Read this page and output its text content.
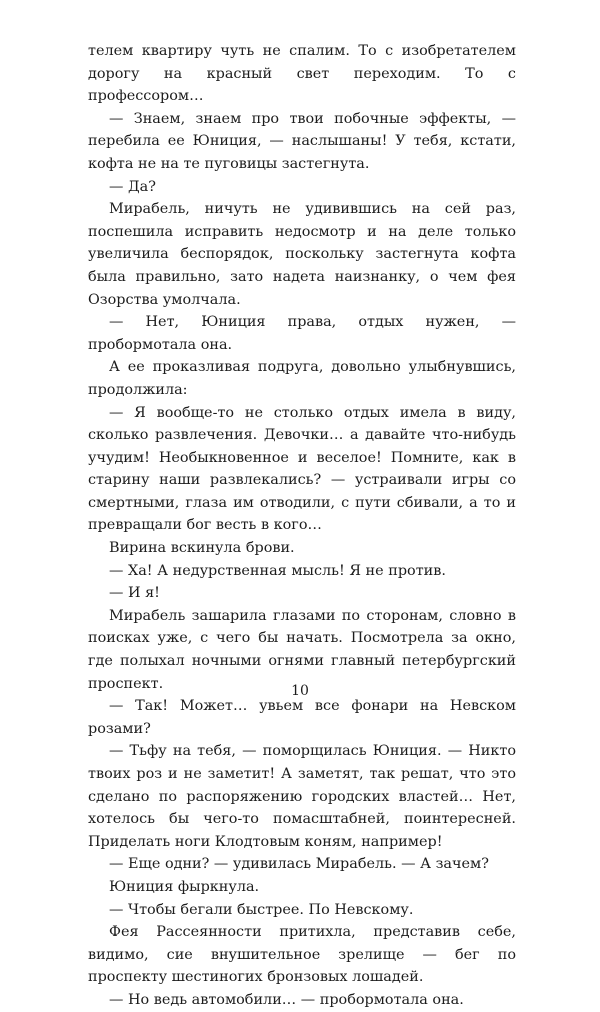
телем квартиру чуть не спалим. То с изобретателем дорогу на красный свет переходим. То с профессором…

— Знаем, знаем про твои побочные эффекты, — перебила ее Юниция, — наслышаны! У тебя, кстати, кофта не на те пуговицы застегнута.

— Да?

Мирабель, ничуть не удивившись на сей раз, поспешила исправить недосмотр и на деле только увеличила беспорядок, поскольку застегнута кофта была правильно, зато надета наизнанку, о чем фея Озорства умолчала.

— Нет, Юниция права, отдых нужен, — пробормотала она.

А ее проказливая подруга, довольно улыбнувшись, продолжила:

— Я вообще-то не столько отдых имела в виду, сколько развлечения. Девочки… а давайте что-нибудь учудим! Необыкновенное и веселое! Помните, как в старину наши развлекались? — устраивали игры со смертными, глаза им отводили, с пути сбивали, а то и превращали бог весть в кого…

Вирина вскинула брови.

— Ха! А недурственная мысль! Я не против.

— И я!

Мирабель зашарила глазами по сторонам, словно в поисках уже, с чего бы начать. Посмотрела за окно, где полыхал ночными огнями главный петербургский проспект.

— Так! Может… увьем все фонари на Невском розами?

— Тьфу на тебя, — поморщилась Юниция. — Никто твоих роз и не заметит! А заметят, так решат, что это сделано по распоряжению городских властей… Нет, хотелось бы чего-то помасштабней, поинтересней. Приделать ноги Клодтовым коням, например!

— Еще одни? — удивилась Мирабель. — А зачем?

Юниция фыркнула.

— Чтобы бегали быстрее. По Невскому.

Фея Рассеянности притихла, представив себе, видимо, сие внушительное зрелище — бег по проспекту шестиногих бронзовых лошадей.

— Но ведь автомобили… — пробормотала она.

10
